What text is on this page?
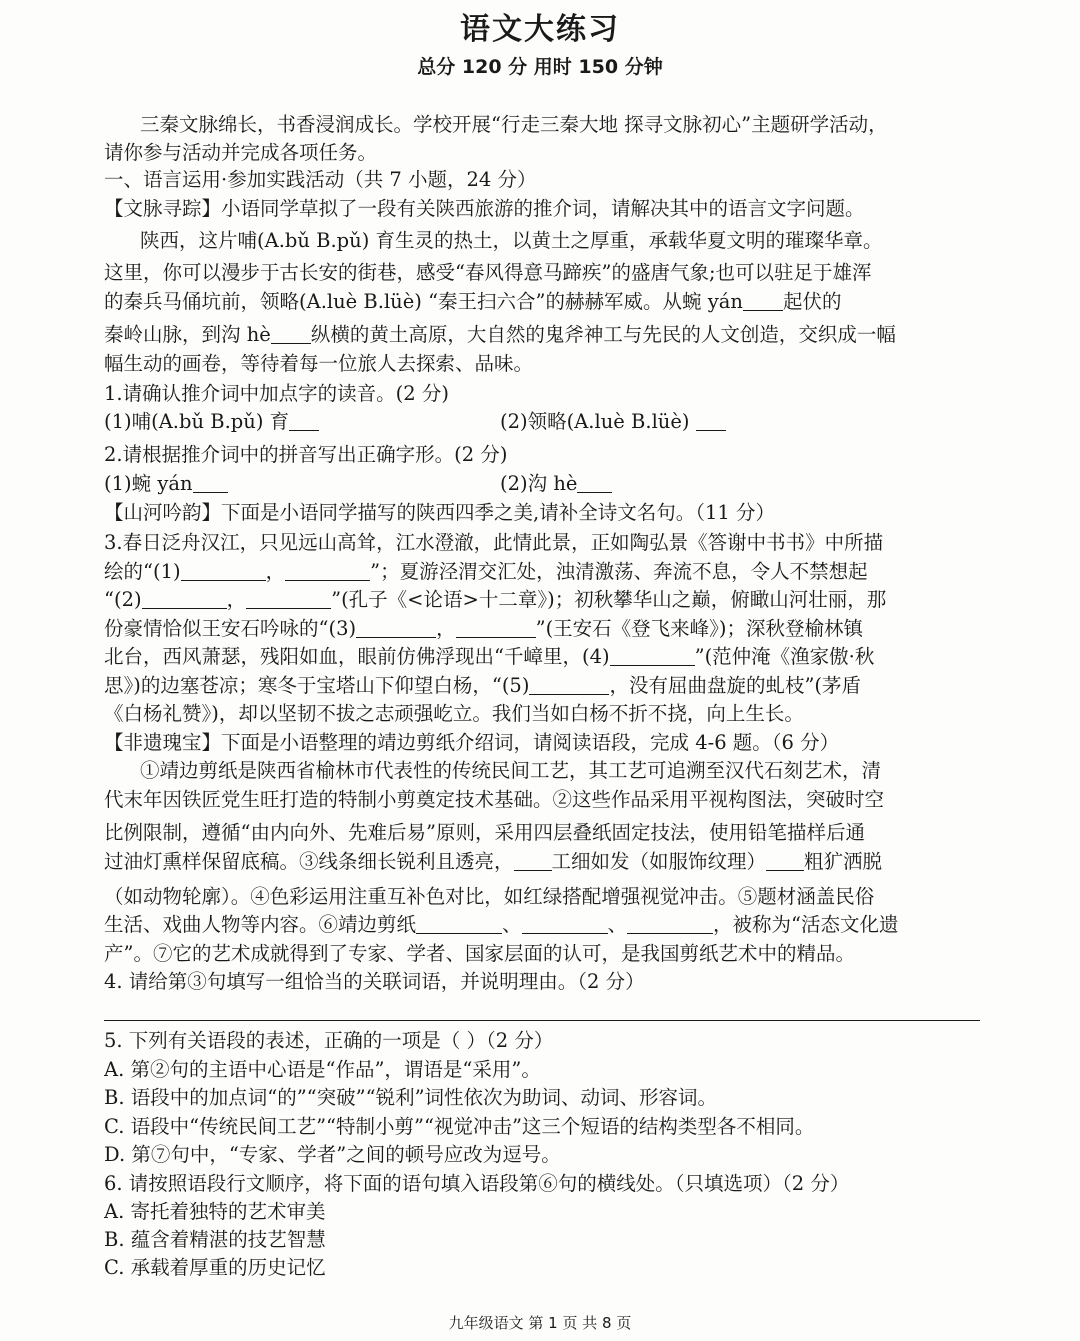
语文大练习
总分 120 分 用时 150 分钟
三秦文脉绵长，书香浸润成长。学校开展“行走三秦大地 探寻文脉初心”主题研学活动，
请你参与活动并完成各项任务。
一、语言运用·参加实践活动（共 7 小题，24 分）
【文脉寻踪】小语同学草拟了一段有关陕西旅游的推介词，请解决其中的语言文字问题。
陕西，这片哺(A.bǔ B.pǔ) 育生灵的热土，以黄土之厚重，承载华夏文明的璀璨华章。
这里，你可以漫步于古长安的街巷，感受“春风得意马蹄疾”的盛唐气象;也可以驻足于雄浑
的秦兵马俑坑前，领略(A.luè B.lüè) “秦王扫六合”的赫赫军威。从蜿 yán 起伏的
秦岭山脉，到沟 hè 纵横的黄土高原，大自然的鬼斧神工与先民的人文创造，交织成一幅
幅生动的画卷，等待着每一位旅人去探索、品味。
1.请确认推介词中加点字的读音。(2 分)
(1)哺(A.bǔ B.pǔ) 育	(2)领略(A.luè B.lüè)
2.请根据推介词中的拼音写出正确字形。(2 分)
(1)蜿 yán	(2)沟 hè
【山河吟韵】下面是小语同学描写的陕西四季之美,请补全诗文名句。（11 分）
3.春日泛舟汉江，只见远山高耸，江水澄澈，此情此景，正如陶弘景《答谢中书书》中所描
绘的“(1)	，	”；夏游泾渭交汇处，浊清激荡、奔流不息，令人不禁想起
“(2)	，	”(孔子《<论语>十二章》)；初秋攀华山之巅，俯瞰山河壮丽，那
份豪情恰似王安石吟咏的“(3)	，	”(王安石《登飞来峰》)；深秋登榆林镇
北台，西风萧瑟，残阳如血，眼前仿佛浮现出“千嶂里，(4)	”(范仲淹《渔家傲·秋
思》)的边塞苍凉；寒冬于宝塔山下仰望白杨，“(5)	，没有屈曲盘旋的虬枝”(茅盾
《白杨礼赞》)，却以坚韧不拔之志顽强屹立。我们当如白杨不折不挠，向上生长。
【非遗瑰宝】下面是小语整理的靖边剪纸介绍词，请阅读语段，完成 4-6 题。（6 分）
①靖边剪纸是陕西省榆林市代表性的传统民间工艺，其工艺可追溯至汉代石刻艺术，清
代末年因铁匠党生旺打造的特制小剪奠定技术基础。②这些作品采用平视构图法，突破时空
比例限制，遵循“由内向外、先难后易”原则，采用四层叠纸固定技法，使用铅笔描样后通
过油灯熏样保留底稿。③线条细长锐利且透亮， 工细如发（如服饰纹理） 粗犷洒脱
（如动物轮廓）。④色彩运用注重互补色对比，如红绿搭配增强视觉冲击。⑤题材涵盖民俗
生活、戏曲人物等内容。⑥靖边剪纸	、	、	，被称为“活态文化遗
产”。⑦它的艺术成就得到了专家、学者、国家层面的认可，是我国剪纸艺术中的精品。
4. 请给第③句填写一组恰当的关联词语，并说明理由。（2 分）
5. 下列有关语段的表述，正确的一项是（ ）（2 分）
A. 第②句的主语中心语是“作品”，谓语是“采用”。
B. 语段中的加点词“的”“突破”“锐利”词性依次为助词、动词、形容词。
C. 语段中“传统民间工艺”“特制小剪”“视觉冲击”这三个短语的结构类型各不相同。
D. 第⑦句中，“专家、学者”之间的顿号应改为逗号。
6. 请按照语段行文顺序，将下面的语句填入语段第⑥句的横线处。（只填选项）（2 分）
A. 寄托着独特的艺术审美
B. 蕴含着精湛的技艺智慧
C. 承载着厚重的历史记忆
九年级语文 第 1 页 共 8 页
